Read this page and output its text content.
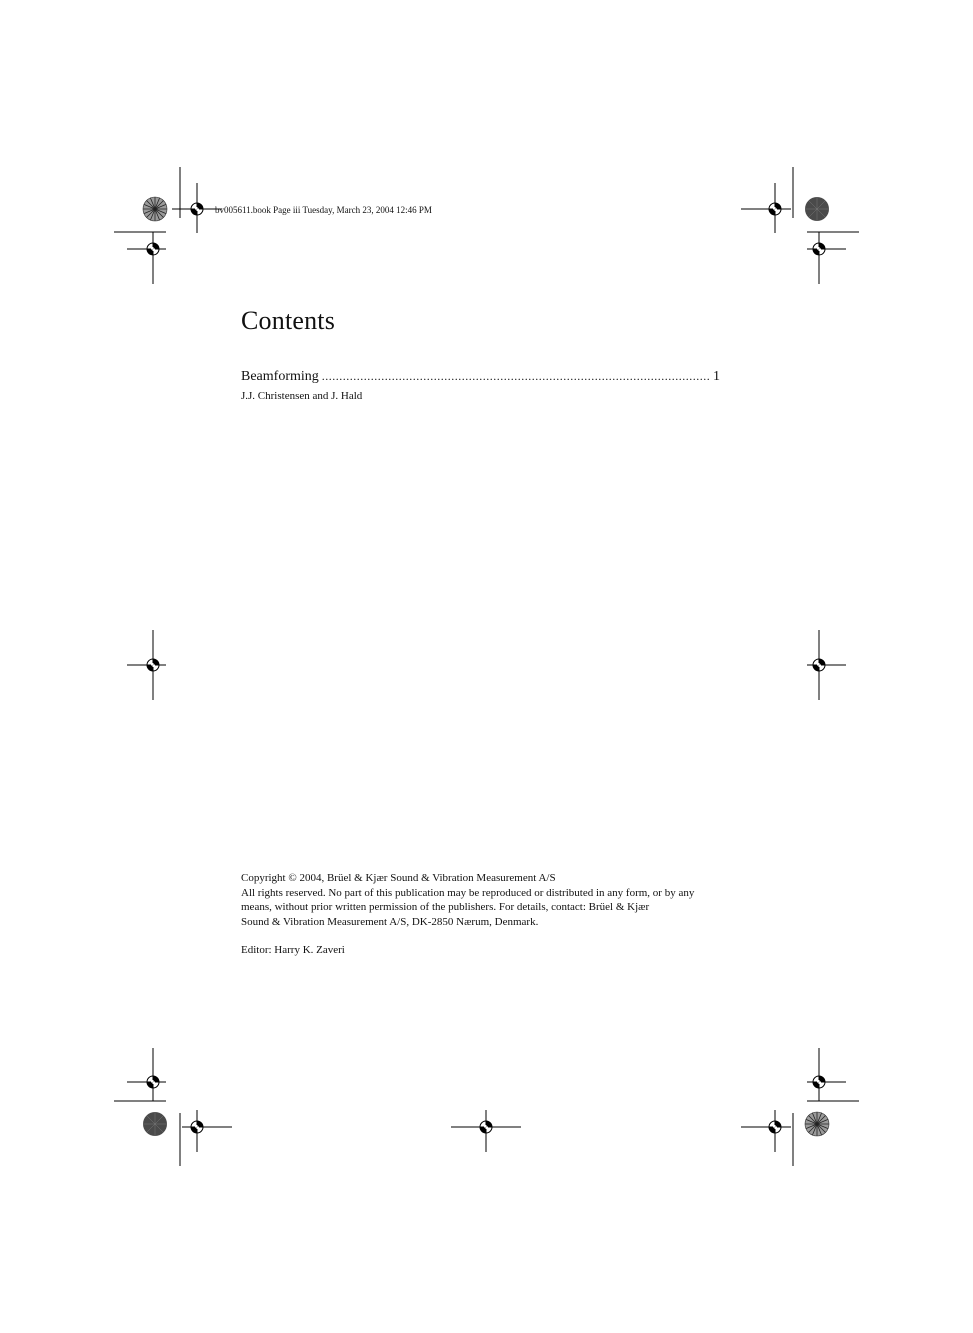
bv005611.book Page iii Tuesday, March 23, 2004 12:46 PM
Contents
Beamforming
.....	1
J.J. Christensen and J. Hald
Copyright © 2004, Brüel & Kjær Sound & Vibration Measurement A/S
All rights reserved. No part of this publication may be reproduced or distributed in any form, or by any
means, without prior written permission of the publishers. For details, contact: Brüel & Kjær
Sound & Vibration Measurement A/S, DK-2850 Nærum, Denmark.
Editor: Harry K. Zaveri
